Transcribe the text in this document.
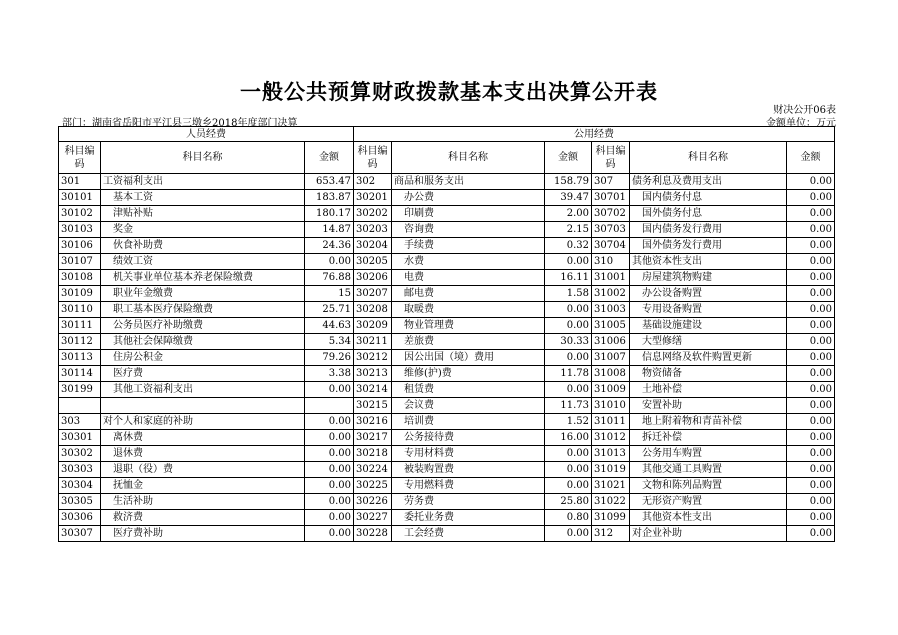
一般公共预算财政拨款基本支出决算公开表
财决公开06表
部门：湖南省岳阳市平江县三墩乡2018年度部门决算	金额单位：万元
人员经费			公用经费					
科目编码	科目名称	金额	科目编码	科目名称	金额	科目编码	科目名称	金额
301	工资福利支出	653.47	302	商品和服务支出	158.79	307	债务利息及费用支出	0.00
30101	基本工资	183.87	30201	办公费	39.47	30701	国内债务付息	0.00
30102	津贴补贴	180.17	30202	印刷费	2.00	30702	国外债务付息	0.00
30103	奖金	14.87	30203	咨询费	2.15	30703	国内债务发行费用	0.00
30106	伙食补助费	24.36	30204	手续费	0.32	30704	国外债务发行费用	0.00
30107	绩效工资	0.00	30205	水费	0.00	310	其他资本性支出	0.00
30108	机关事业单位基本养老保险缴费	76.88	30206	电费	16.11	31001	房屋建筑物购建	0.00
30109	职业年金缴费	15	30207	邮电费	1.58	31002	办公设备购置	0.00
30110	职工基本医疗保险缴费	25.71	30208	取暖费	0.00	31003	专用设备购置	0.00
30111	公务员医疗补助缴费	44.63	30209	物业管理费	0.00	31005	基础设施建设	0.00
30112	其他社会保障缴费	5.34	30211	差旅费	30.33	31006	大型修缮	0.00
30113	住房公积金	79.26	30212	因公出国（境）费用	0.00	31007	信息网络及软件购置更新	0.00
30114	医疗费	3.38	30213	维修(护)费	11.78	31008	物资储备	0.00
30199	其他工资福利支出	0.00	30214	租赁费	0.00	31009	土地补偿	0.00
			30215	会议费	11.73	31010	安置补助	0.00
303	对个人和家庭的补助	0.00	30216	培训费	1.52	31011	地上附着物和青苗补偿	0.00
30301	离休费	0.00	30217	公务接待费	16.00	31012	拆迁补偿	0.00
30302	退休费	0.00	30218	专用材料费	0.00	31013	公务用车购置	0.00
30303	退职（役）费	0.00	30224	被装购置费	0.00	31019	其他交通工具购置	0.00
30304	抚恤金	0.00	30225	专用燃料费	0.00	31021	文物和陈列品购置	0.00
30305	生活补助	0.00	30226	劳务费	25.80	31022	无形资产购置	0.00
30306	救济费	0.00	30227	委托业务费	0.80	31099	其他资本性支出	0.00
30307	医疗费补助	0.00	30228	工会经费	0.00	312	对企业补助	0.00
